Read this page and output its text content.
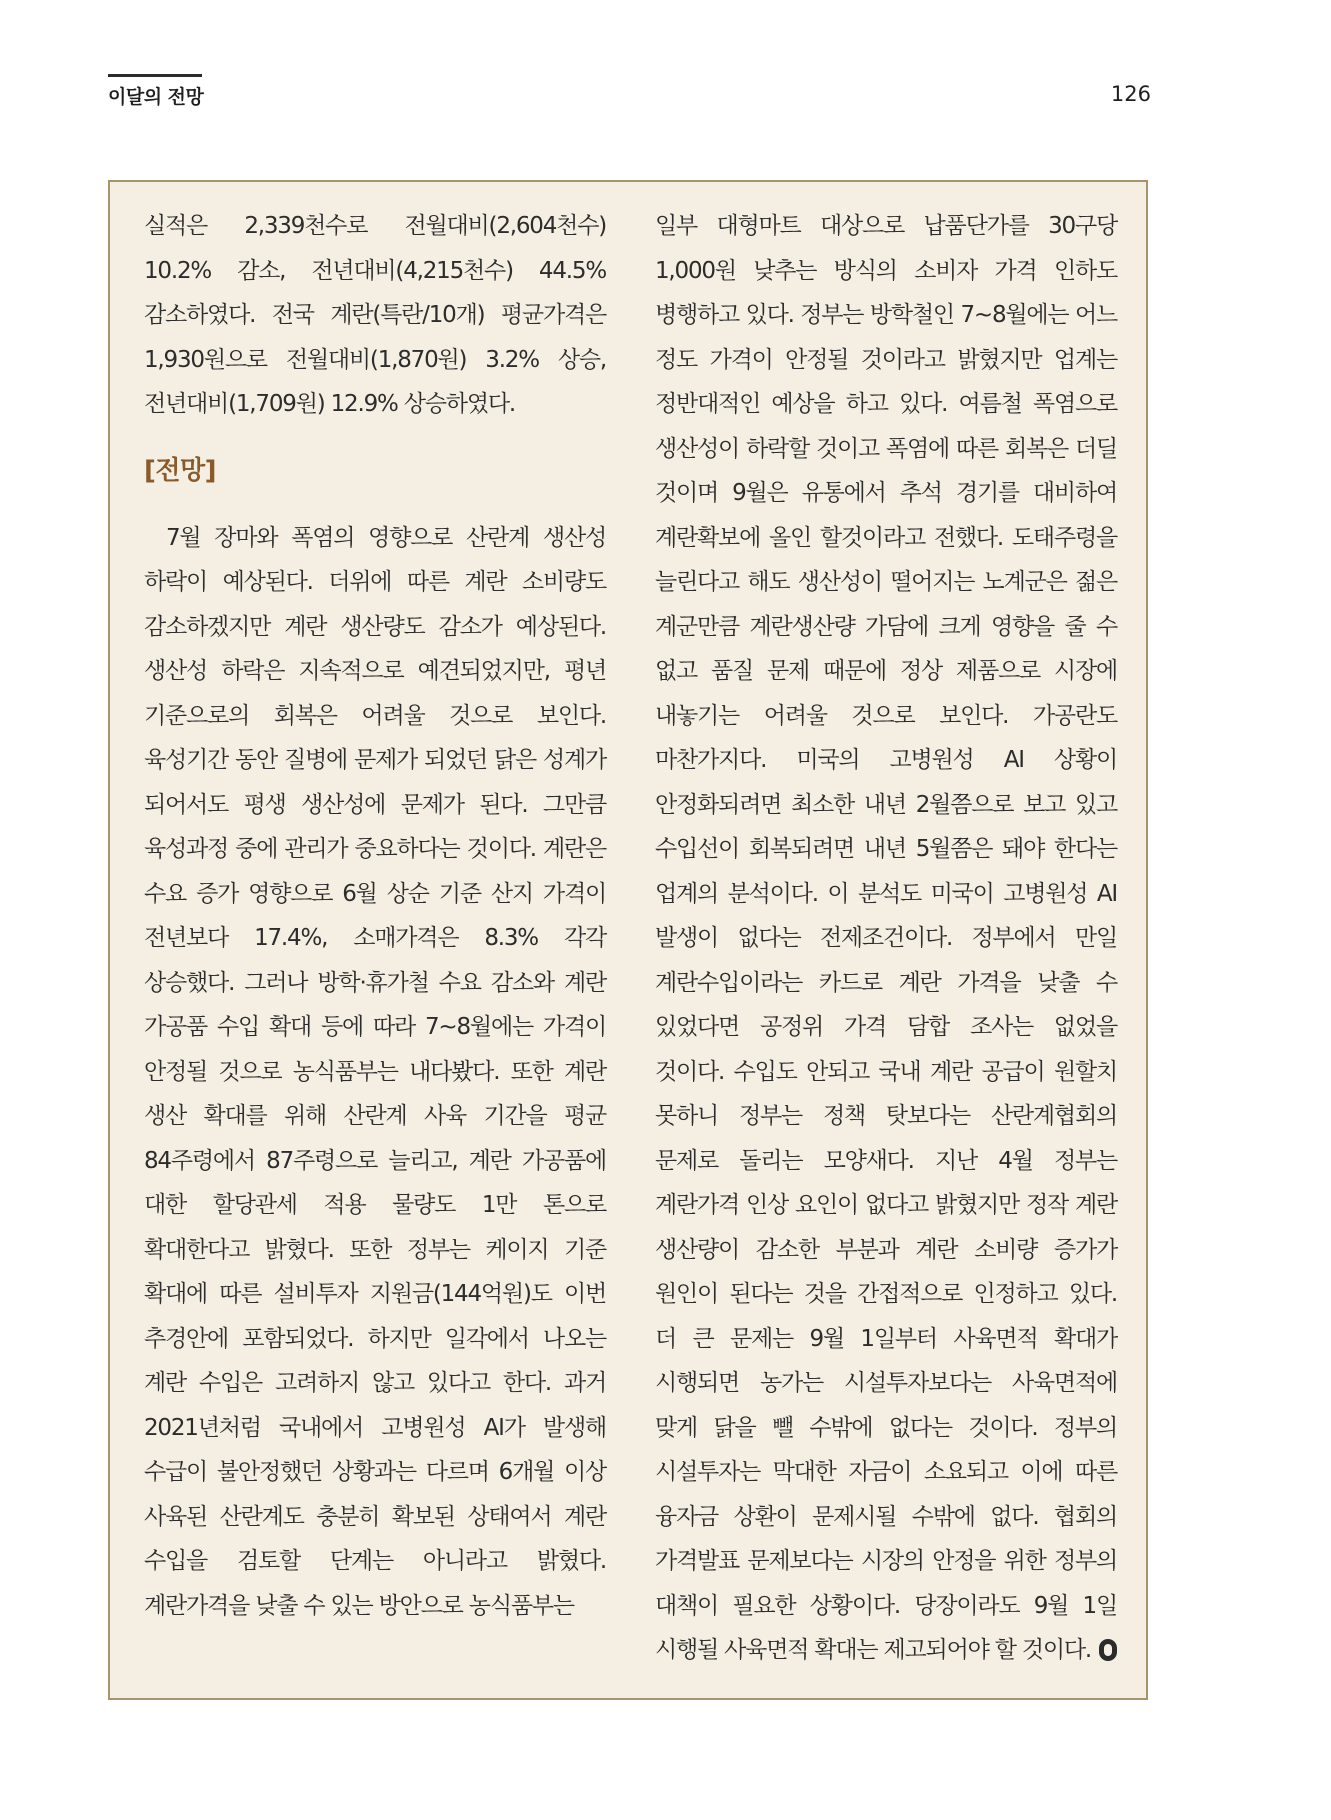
이달의 전망	126

실적은 2,339천수로 전월대비(2,604천수) 10.2% 감소, 전년대비(4,215천수) 44.5% 감소하였다. 전국 계란(특란/10개) 평균가격은 1,930원으로 전월대비(1,870원) 3.2% 상승, 전년대비(1,709원) 12.9% 상승하였다.

[전망]

7월 장마와 폭염의 영향으로 산란계 생산성 하락이 예상된다. 더위에 따른 계란 소비량도 감소하겠지만 계란 생산량도 감소가 예상된다. 생산성 하락은 지속적으로 예견되었지만, 평년 기준으로의 회복은 어려울 것으로 보인다. 육성기간 동안 질병에 문제가 되었던 닭은 성계가 되어서도 평생 생산성에 문제가 된다. 그만큼 육성과정 중에 관리가 중요하다는 것이다. 계란은 수요 증가 영향으로 6월 상순 기준 산지 가격이 전년보다 17.4%, 소매가격은 8.3% 각각 상승했다. 그러나 방학·휴가철 수요 감소와 계란 가공품 수입 확대 등에 따라 7~8월에는 가격이 안정될 것으로 농식품부는 내다봤다. 또한 계란 생산 확대를 위해 산란계 사육 기간을 평균 84주령에서 87주령으로 늘리고, 계란 가공품에 대한 할당관세 적용 물량도 1만 톤으로 확대한다고 밝혔다. 또한 정부는 케이지 기준 확대에 따른 설비투자 지원금(144억원)도 이번 추경안에 포함되었다. 하지만 일각에서 나오는 계란 수입은 고려하지 않고 있다고 한다. 과거 2021년처럼 국내에서 고병원성 AI가 발생해 수급이 불안정했던 상황과는 다르며 6개월 이상 사육된 산란계도 충분히 확보된 상태여서 계란 수입을 검토할 단계는 아니라고 밝혔다. 계란가격을 낮출 수 있는 방안으로 농식품부는

일부 대형마트 대상으로 납품단가를 30구당 1,000원 낮추는 방식의 소비자 가격 인하도 병행하고 있다. 정부는 방학철인 7~8월에는 어느 정도 가격이 안정될 것이라고 밝혔지만 업계는 정반대적인 예상을 하고 있다. 여름철 폭염으로 생산성이 하락할 것이고 폭염에 따른 회복은 더딜 것이며 9월은 유통에서 추석 경기를 대비하여 계란확보에 올인 할것이라고 전했다. 도태주령을 늘린다고 해도 생산성이 떨어지는 노계군은 젊은 계군만큼 계란생산량 가담에 크게 영향을 줄 수 없고 품질 문제 때문에 정상 제품으로 시장에 내놓기는 어려울 것으로 보인다. 가공란도 마찬가지다. 미국의 고병원성 AI 상황이 안정화되려면 최소한 내년 2월쯤으로 보고 있고 수입선이 회복되려면 내년 5월쯤은 돼야 한다는 업계의 분석이다. 이 분석도 미국이 고병원성 AI 발생이 없다는 전제조건이다. 정부에서 만일 계란수입이라는 카드로 계란 가격을 낮출 수 있었다면 공정위 가격 담합 조사는 없었을 것이다. 수입도 안되고 국내 계란 공급이 원할치 못하니 정부는 정책 탓보다는 산란계협회의 문제로 돌리는 모양새다. 지난 4월 정부는 계란가격 인상 요인이 없다고 밝혔지만 정작 계란 생산량이 감소한 부분과 계란 소비량 증가가 원인이 된다는 것을 간접적으로 인정하고 있다. 더 큰 문제는 9월 1일부터 사육면적 확대가 시행되면 농가는 시설투자보다는 사육면적에 맞게 닭을 뺄 수밖에 없다는 것이다. 정부의 시설투자는 막대한 자금이 소요되고 이에 따른 융자금 상환이 문제시될 수밖에 없다. 협회의 가격발표 문제보다는 시장의 안정을 위한 정부의 대책이 필요한 상황이다. 당장이라도 9월 1일 시행될 사육면적 확대는 제고되어야 할 것이다.
